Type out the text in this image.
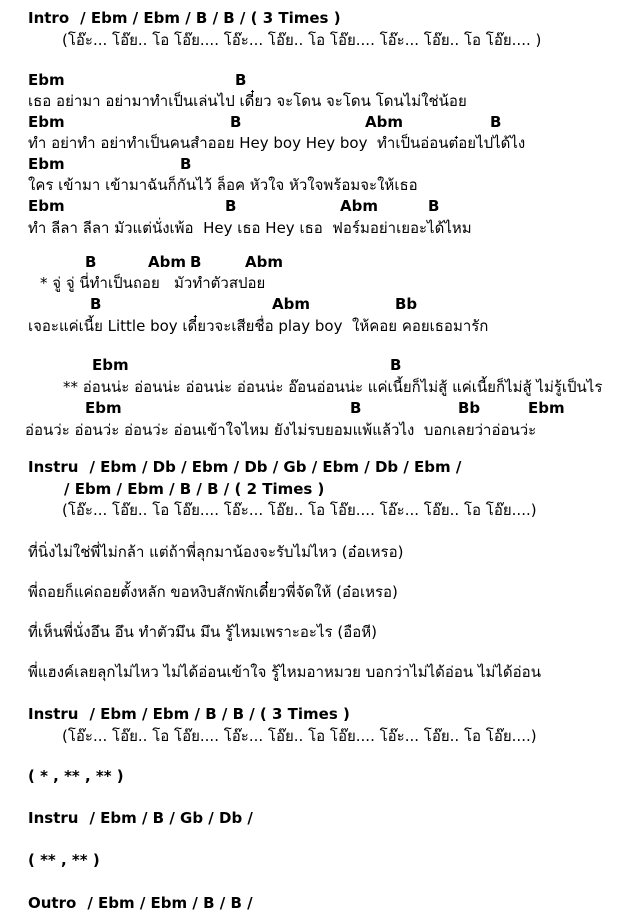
Intro / Ebm / Ebm / B / B / ( 3 Times )
(โอ๊ะ... โอ๊ย.. โอ โอ๊ย.... โอ๊ะ... โอ๊ย.. โอ โอ๊ย.... โอ๊ะ... โอ๊ย.. โอ โอ๊ย.... )

Ebm

	B

เธอ อย่ามา อย่ามาทำเป็นเล่นไป เดี๋ยว จะโดน จะโดน โดนไม่ใช่น้อย

Ebm

	B

	Abm

	B

ทำ อย่าทำ อย่าทำเป็นคนสำออย Hey boy Hey boy  ทำเป็นอ่อนต๋อยไปได้ไง

Ebm

	B

ใคร เข้ามา เข้ามาฉันก็กันไว้ ล็อค หัวใจ หัวใจพร้อมจะให้เธอ

Ebm

	B

	Abm

	B

ทำ ลีลา ลีลา มัวแต่นั่งเพ้อ  Hey เธอ Hey เธอ  ฟอร์มอย่าเยอะได้ไหม

B

	Abm

B

	Abm

* จู่ จู่ นี่ทำเป็นถอย   มัวทำตัวสปอย

B

	Abm

	Bb

เจอะแค่เนี้ย Little boy เดี๋ยวจะเสียชื่อ play boy  ให้คอย คอยเธอมารัก

Ebm

	B

** อ่อนน่ะ อ่อนน่ะ อ่อนน่ะ อ่อนน่ะ อ๊อนอ่อนน่ะ แค่เนี้ยก็ไม่สู้ แค่เนี้ยก็ไม่สู้ ไม่รู้เป็นไร

Ebm

	B

	Bb

	Ebm

อ่อนว่ะ อ่อนว่ะ อ่อนว่ะ อ่อนเข้าใจไหม ยังไม่รบยอมแพ้แล้วไง  บอกเลยว่าอ่อนว่ะ
Instru / Ebm / Db / Ebm / Db / Gb / Ebm / Db / Ebm /
/ Ebm / Ebm / B / B / ( 2 Times )
(โอ๊ะ... โอ๊ย.. โอ โอ๊ย.... โอ๊ะ... โอ๊ย.. โอ โอ๊ย.... โอ๊ะ... โอ๊ย.. โอ โอ๊ย....)
ที่นิ่งไม่ใช่พี่ไม่กล้า แต่ถ้าพี่ลุกมาน้องจะรับไม่ไหว (อ๋อเหรอ)
พี่ถอยก็แค่ถอยตั้งหลัก ขอหงิบสักพักเดี๋ยวพี่จัดให้ (อ๋อเหรอ)
ที่เห็นพี่นั่งอึน อึน ทำตัวมึน มึน รู้ไหมเพราะอะไร (อือหี)
พี่แฮงค์เลยลุกไม่ไหว ไม่ได้อ่อนเข้าใจ รู้ไหมอาหมวย บอกว่าไม่ได้อ่อน ไม่ได้อ่อน
Instru / Ebm / Ebm / B / B / ( 3 Times )
(โอ๊ะ... โอ๊ย.. โอ โอ๊ย.... โอ๊ะ... โอ๊ย.. โอ โอ๊ย.... โอ๊ะ... โอ๊ย.. โอ โอ๊ย....)
( * , ** , ** )
Instru / Ebm / B / Gb / Db /
( ** , ** )
Outro / Ebm / Ebm / B / B /
